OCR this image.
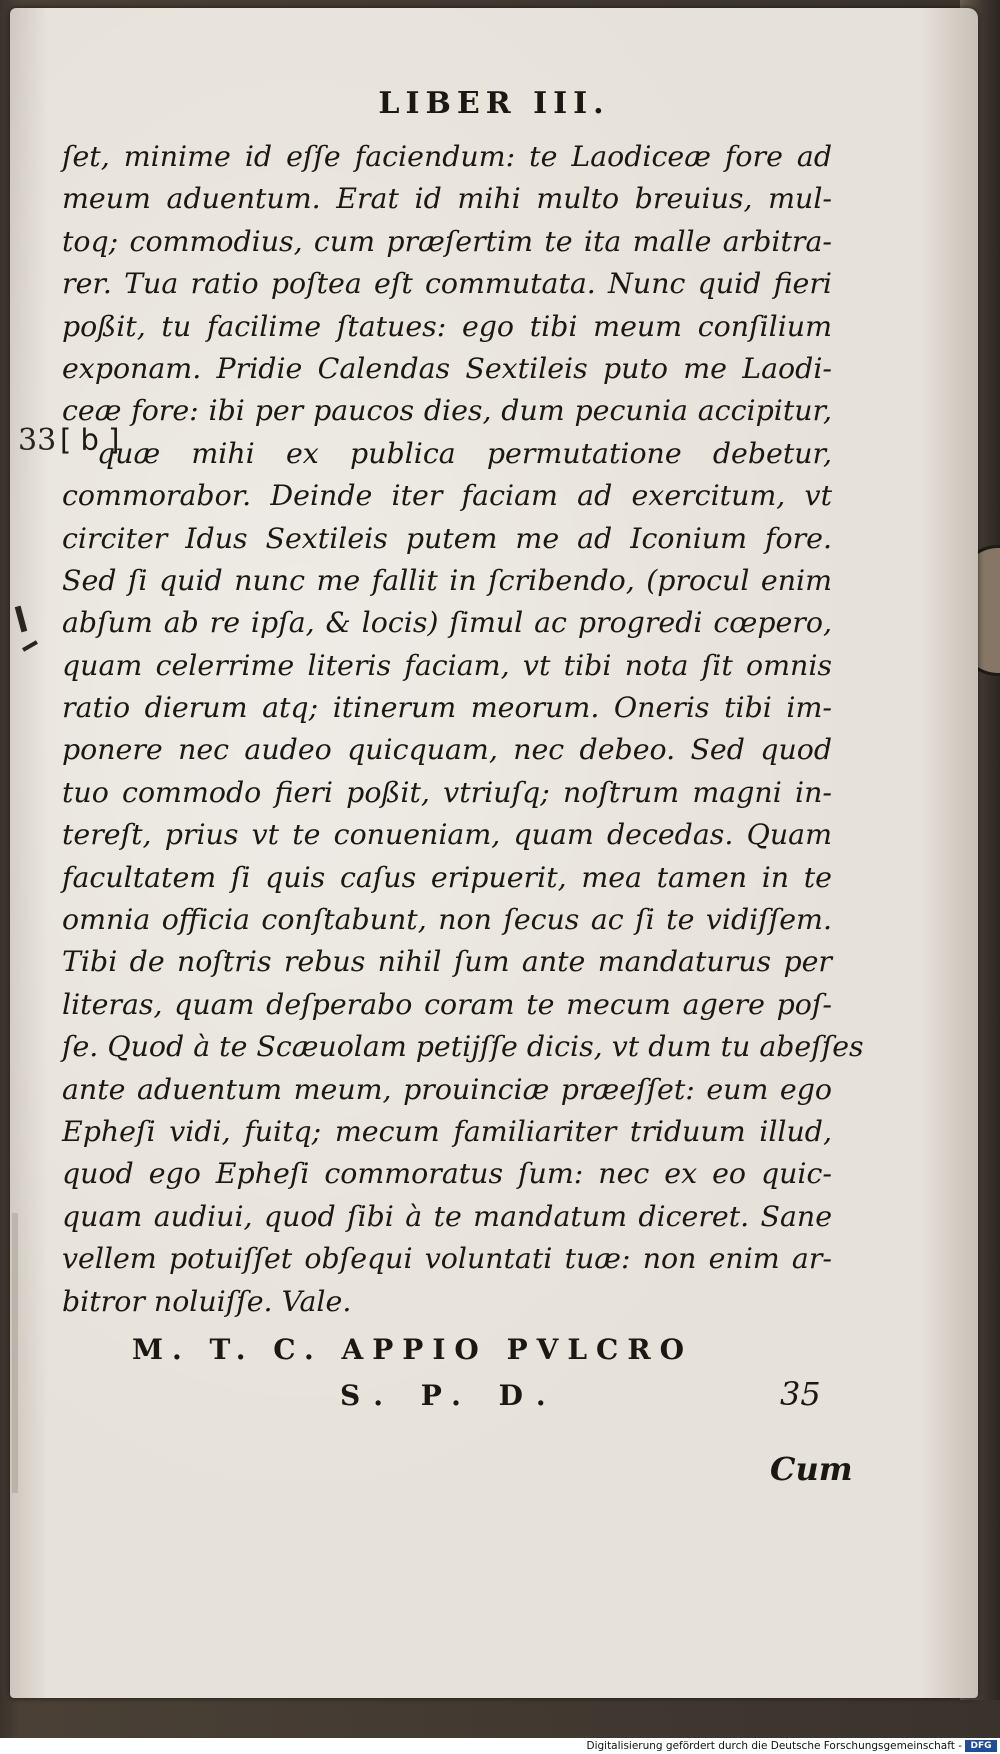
LIBER III.
33 [ b ]
ſet, minime id eſſe faciendum: te Laodiceæ fore ad
meum aduentum. Erat id mihi multo breuius, mul-
toq; commodius, cum præſertim te ita malle arbitra-
rer. Tua ratio poſtea eſt commutata. Nunc quid fieri
poßit, tu facilime ſtatues: ego tibi meum conſilium
exponam. Pridie Calendas Sextileis puto me Laodi-
ceæ fore: ibi per paucos dies, dum pecunia accipitur,
quæ mihi ex publica permutatione debetur,
commorabor. Deinde iter faciam ad exercitum, vt
circiter Idus Sextileis putem me ad Iconium fore.
Sed ſi quid nunc me fallit in ſcribendo, (procul enim
abſum ab re ipſa, & locis) ſimul ac progredi cœpero,
quam celerrime literis faciam, vt tibi nota ſit omnis
ratio dierum atq; itinerum meorum. Oneris tibi im-
ponere nec audeo quicquam, nec debeo. Sed quod
tuo commodo fieri poßit, vtriuſq; noſtrum magni in-
tereſt, prius vt te conueniam, quam decedas. Quam
facultatem ſi quis caſus eripuerit, mea tamen in te
omnia officia conſtabunt, non ſecus ac ſi te vidiſſem.
Tibi de noſtris rebus nihil ſum ante mandaturus per
literas, quam deſperabo coram te mecum agere poſ-
ſe. Quod à te Scæuolam petijſſe dicis, vt dum tu abeſſes
ante aduentum meum, prouinciæ præeſſet: eum ego
Epheſi vidi, fuitq; mecum familiariter triduum illud,
quod ego Epheſi commoratus ſum: nec ex eo quic-
quam audiui, quod ſibi à te mandatum diceret. Sane
vellem potuiſſet obſequi voluntati tuæ: non enim ar-
bitror noluiſſe. Vale.
M. T. C. APPIO PVLCRO
S. P. D.	35
Cum
Digitalisierung gefördert durch die Deutsche Forschungsgemeinschaft - DFG
